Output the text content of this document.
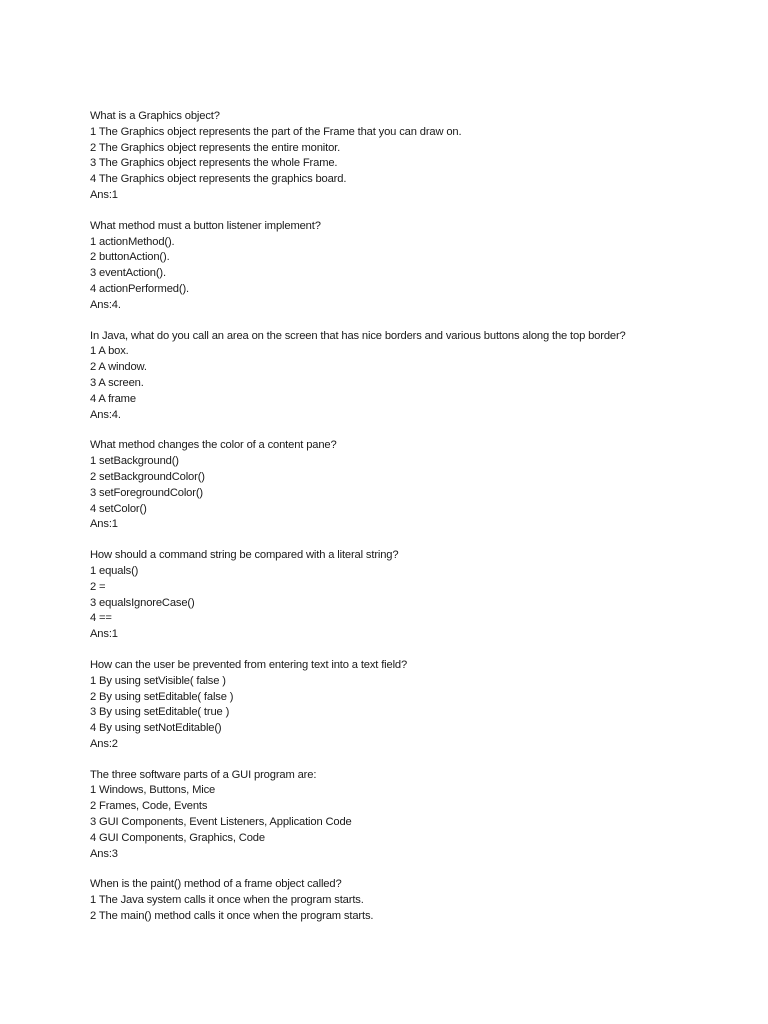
What is a Graphics object?
1 The Graphics object represents the part of the Frame that you can draw on.
2 The Graphics object represents the entire monitor.
3 The Graphics object represents the whole Frame.
4 The Graphics object represents the graphics board.
Ans:1
What method must a button listener implement?
1 actionMethod().
2 buttonAction().
3 eventAction().
4 actionPerformed().
Ans:4.
In Java, what do you call an area on the screen that has nice borders and various buttons along the top border?
1 A box.
2 A window.
3 A screen.
4 A frame
Ans:4.
What method changes the color of a content pane?
1 setBackground()
2 setBackgroundColor()
3 setForegroundColor()
4 setColor()
Ans:1
How should a command string be compared with a literal string?
1 equals()
2 =
3 equalsIgnoreCase()
4 ==
Ans:1
How can the user be prevented from entering text into a text field?
1 By using setVisible( false )
2 By using setEditable( false )
3 By using setEditable( true )
4 By using setNotEditable()
Ans:2
The three software parts of a GUI program are:
1 Windows, Buttons, Mice
2 Frames, Code, Events
3 GUI Components, Event Listeners, Application Code
4 GUI Components, Graphics, Code
Ans:3
When is the paint() method of a frame object called?
1 The Java system calls it once when the program starts.
2 The main() method calls it once when the program starts.
